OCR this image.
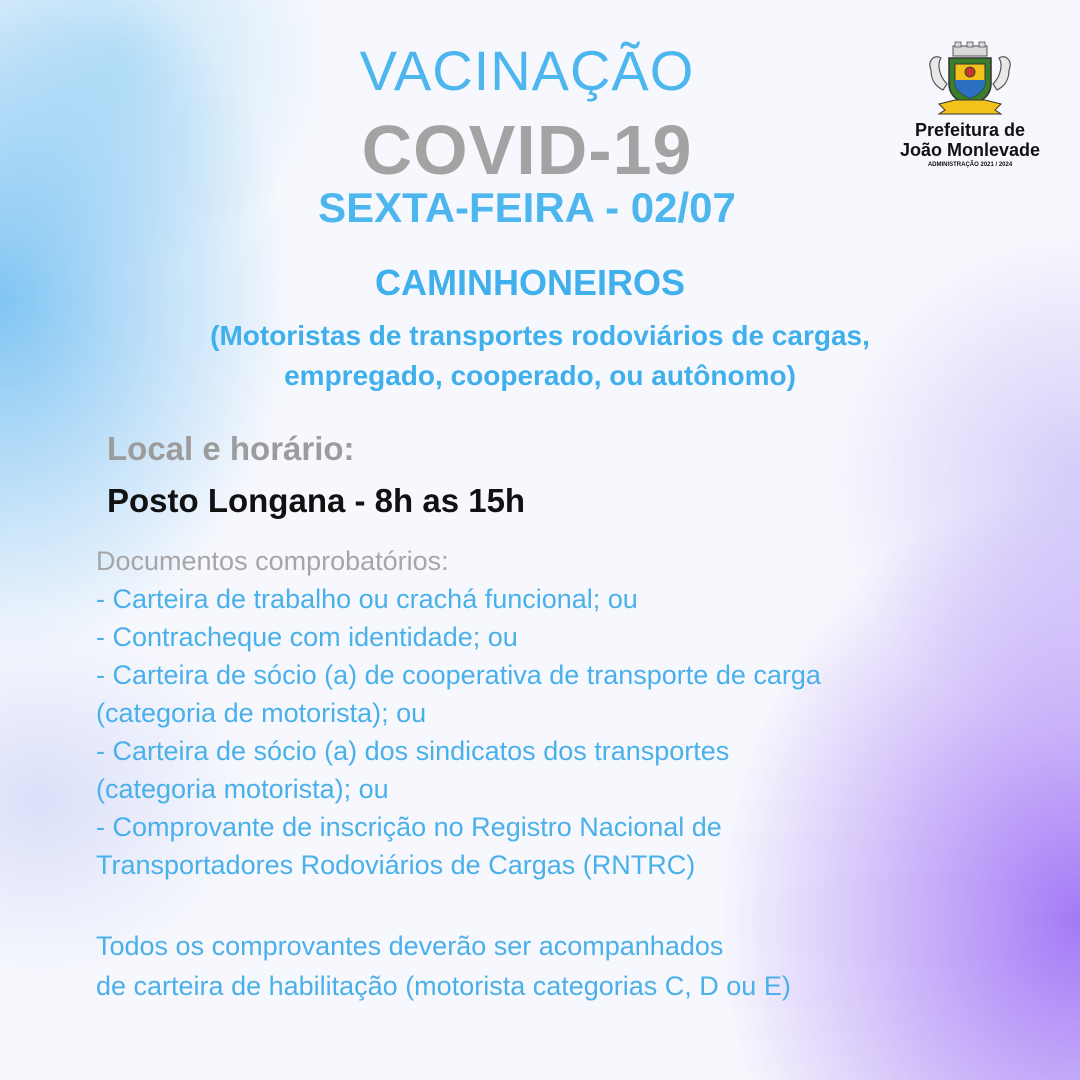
VACINAÇÃO
COVID-19
SEXTA-FEIRA - 02/07
CAMINHONEIROS
(Motoristas de transportes rodoviários de cargas,
empregado, cooperado, ou autônomo)
Local e horário:
Posto Longana - 8h as 15h
Documentos comprobatórios:
- Carteira de trabalho ou crachá funcional; ou
- Contracheque com identidade; ou
- Carteira de sócio (a) de cooperativa de transporte de carga
(categoria de motorista); ou
- Carteira de sócio (a) dos sindicatos dos transportes
(categoria motorista); ou
- Comprovante de inscrição no Registro Nacional de
Transportadores Rodoviários de Cargas (RNTRC)
Todos os comprovantes deverão ser acompanhados
de carteira de habilitação (motorista categorias C, D ou E)
Prefeitura de
João Monlevade
ADMINISTRAÇÃO 2021 / 2024
